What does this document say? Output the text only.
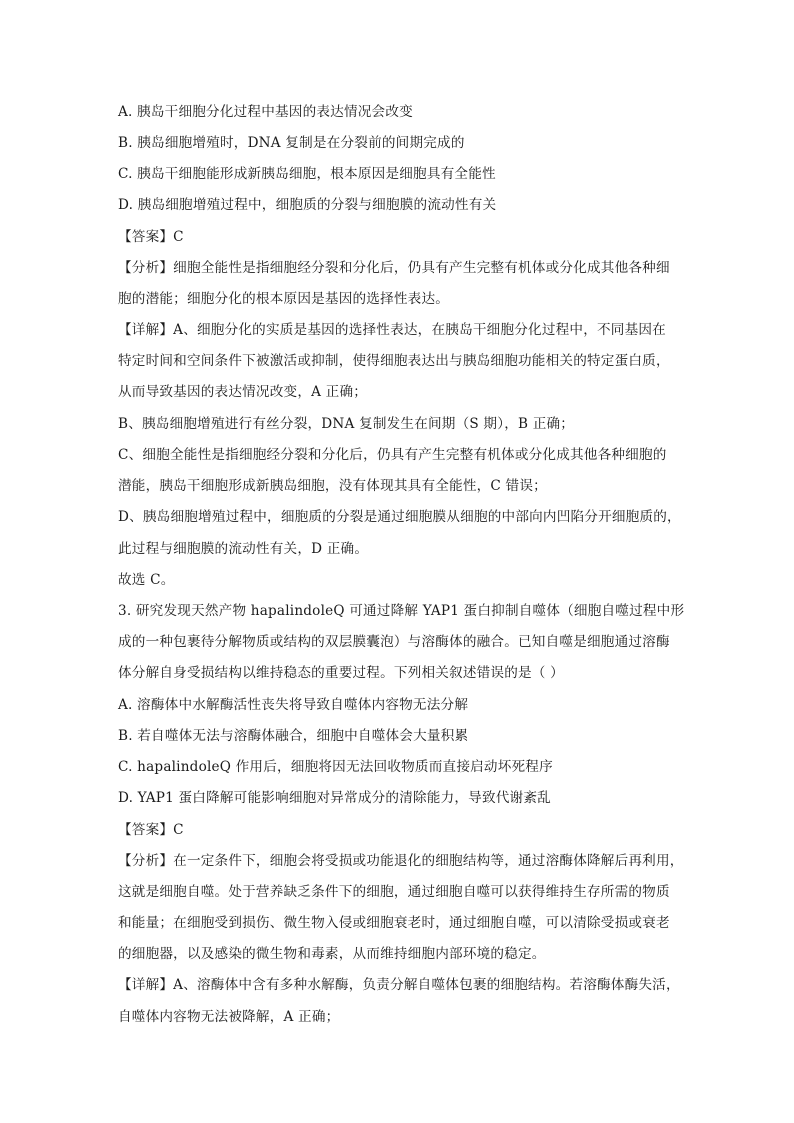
A. 胰岛干细胞分化过程中基因的表达情况会改变
B. 胰岛细胞增殖时，DNA 复制是在分裂前的间期完成的
C. 胰岛干细胞能形成新胰岛细胞，根本原因是细胞具有全能性
D. 胰岛细胞增殖过程中，细胞质的分裂与细胞膜的流动性有关
【答案】C
【分析】细胞全能性是指细胞经分裂和分化后，仍具有产生完整有机体或分化成其他各种细
胞的潜能；细胞分化的根本原因是基因的选择性表达。
【详解】A、细胞分化的实质是基因的选择性表达，在胰岛干细胞分化过程中，不同基因在
特定时间和空间条件下被激活或抑制，使得细胞表达出与胰岛细胞功能相关的特定蛋白质，
从而导致基因的表达情况改变，A 正确；
B、胰岛细胞增殖进行有丝分裂，DNA 复制发生在间期（S 期），B 正确；
C、细胞全能性是指细胞经分裂和分化后，仍具有产生完整有机体或分化成其他各种细胞的
潜能，胰岛干细胞形成新胰岛细胞，没有体现其具有全能性，C 错误；
D、胰岛细胞增殖过程中，细胞质的分裂是通过细胞膜从细胞的中部向内凹陷分开细胞质的，
此过程与细胞膜的流动性有关，D 正确。
故选 C。
3. 研究发现天然产物 hapalindoleQ 可通过降解 YAP1 蛋白抑制自噬体（细胞自噬过程中形
成的一种包裹待分解物质或结构的双层膜囊泡）与溶酶体的融合。已知自噬是细胞通过溶酶
体分解自身受损结构以维持稳态的重要过程。下列相关叙述错误的是（ ）
A. 溶酶体中水解酶活性丧失将导致自噬体内容物无法分解
B. 若自噬体无法与溶酶体融合，细胞中自噬体会大量积累
C. hapalindoleQ 作用后，细胞将因无法回收物质而直接启动坏死程序
D. YAP1 蛋白降解可能影响细胞对异常成分的清除能力，导致代谢紊乱
【答案】C
【分析】在一定条件下，细胞会将受损或功能退化的细胞结构等，通过溶酶体降解后再利用，
这就是细胞自噬。处于营养缺乏条件下的细胞，通过细胞自噬可以获得维持生存所需的物质
和能量；在细胞受到损伤、微生物入侵或细胞衰老时，通过细胞自噬，可以清除受损或衰老
的细胞器，以及感染的微生物和毒素，从而维持细胞内部环境的稳定。
【详解】A、溶酶体中含有多种水解酶，负责分解自噬体包裹的细胞结构。若溶酶体酶失活，
自噬体内容物无法被降解，A 正确；
